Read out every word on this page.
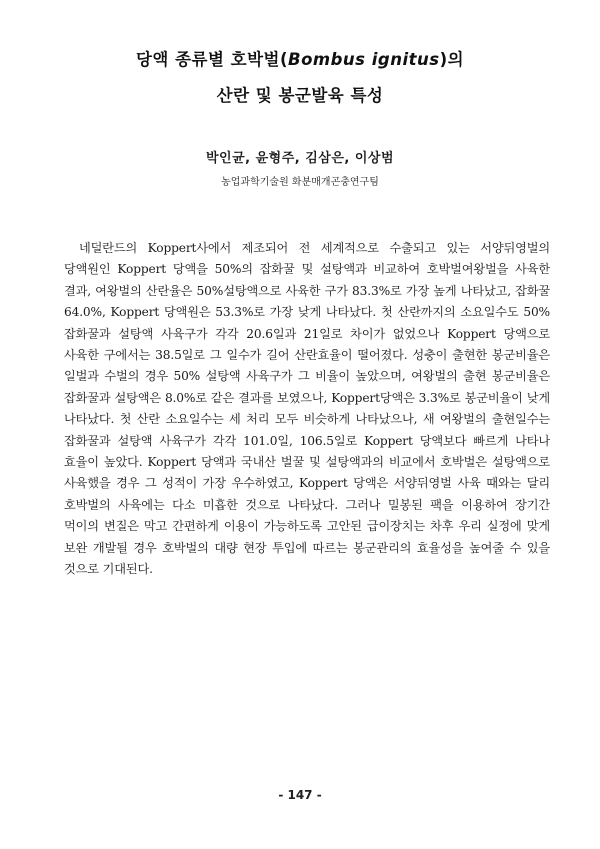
당액 종류별 호박벌(Bombus ignitus)의
산란 및 봉군발육 특성
박인균, 윤형주, 김삼은, 이상범
농업과학기술원 화분매개곤충연구팀
네덜란드의 Koppert사에서 제조되어 전 세계적으로 수출되고 있는 서양뒤영벌의 당액원인 Koppert 당액을 50%의 잡화꿀 및 설탕액과 비교하여 호박벌여왕벌을 사육한 결과, 여왕벌의 산란율은 50%설탕액으로 사육한 구가 83.3%로 가장 높게 나타났고, 잡화꿀 64.0%, Koppert 당액원은 53.3%로 가장 낮게 나타났다. 첫 산란까지의 소요일수도 50% 잡화꿀과 설탕액 사육구가 각각 20.6일과 21일로 차이가 없었으나 Koppert 당액으로 사육한 구에서는 38.5일로 그 일수가 길어 산란효율이 떨어졌다. 성충이 출현한 봉군비율은 일벌과 수벌의 경우 50% 설탕액 사육구가 그 비율이 높았으며, 여왕벌의 출현 봉군비율은 잡화꿀과 설탕액은 8.0%로 같은 결과를 보였으나, Koppert당액은 3.3%로 봉군비율이 낮게 나타났다. 첫 산란 소요일수는 세 처리 모두 비슷하게 나타났으나, 새 여왕벌의 출현일수는 잡화꿀과 설탕액 사육구가 각각 101.0일, 106.5일로 Koppert 당액보다 빠르게 나타나 효율이 높았다. Koppert 당액과 국내산 벌꿀 및 설탕액과의 비교에서 호박벌은 설탕액으로 사육했을 경우 그 성적이 가장 우수하였고, Koppert 당액은 서양뒤영벌 사육 때와는 달리 호박벌의 사육에는 다소 미흡한 것으로 나타났다. 그러나 밀봉된 팩을 이용하여 장기간 먹이의 변질은 막고 간편하게 이용이 가능하도록 고안된 급이장치는 차후 우리 실정에 맞게 보완 개발될 경우 호박벌의 대량 현장 투입에 따르는 봉군관리의 효율성을 높여줄 수 있을 것으로 기대된다.
- 147 -
